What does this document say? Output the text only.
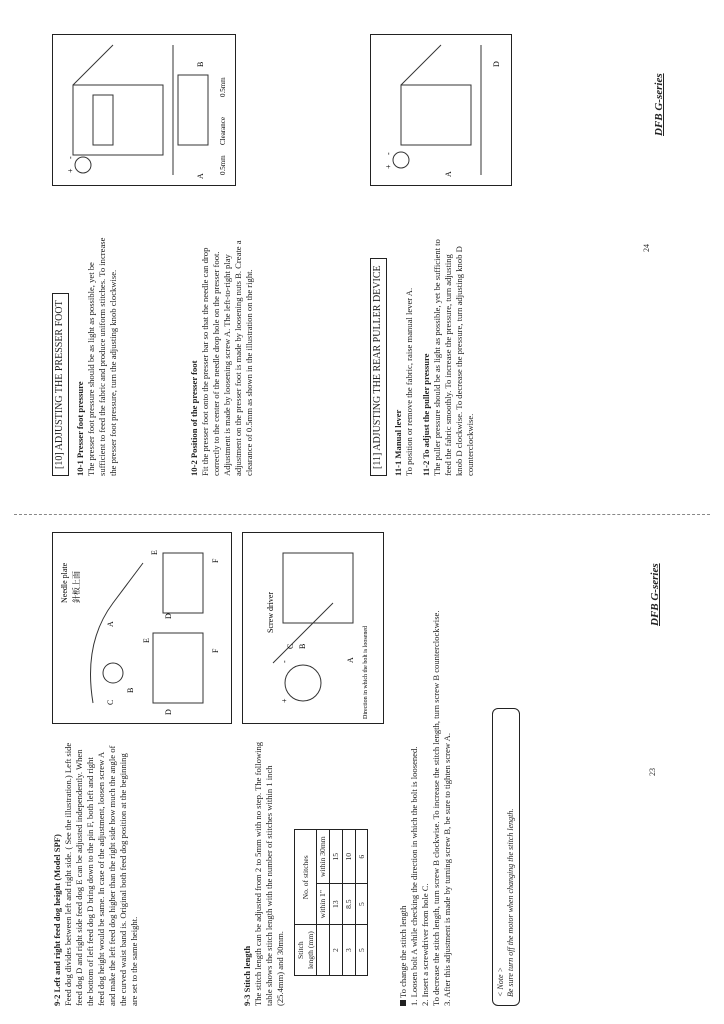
[10] ADJUSTING THE PRESSER FOOT 10-1 Presser foot pressure The presser foot pressure should be as light as possible, yet be sufficient to feed the fabric and produce uniform stitches. To increase the presser foot pressure, turn the adjusting knob clockwise.	10-2 Position of the presser foot Fit the presser foot onto the presser bar so that the needle can drop correctly to the center of the needle drop hole on the presser foot. Adjustment is made by loosening screw A. The left-to-right play adjustment on the presser foot is made by loosening nuts B. Create a clearance of 0.5mm as shown in the illustration on the right.

+
-
A
B
0.5mm
Clearance
0.5mm
[11] ADJUSTING THE REAR PULLER DEVICE 11-1 Manual lever To position or remove the fabric, raise manual lever A. 11-2 To adjust the puller pressure The puller pressure should be as light as possible, yet be sufficient to feed the fabric smoothly. To increase the pressure, turn adjusting knob D clockwise. To decrease the pressure, turn adjusting knob D counterclockwise.

+
-
A
D
24
DFB G-series

9-2 Left and right feed dog height (Model SPF) Feed dog divides between left and right side. ( See the illustration.) Left side feed dog D and right side feed dog E can be adjusted independently. When the bottom of left feed dog D bring down to the pin F, both left and right feed dog height would be same. In case of the adjustment, loosen screw A and make the left feed dog higher than the right side how much the angle of the curved waist band is. Original both feed dog position at the beginning are set to the same height.

Needle plate 針板上面
D
E
F
A
B
C
D
E
F

9-3 Stitch length The stitch length can be adjusted from 2 to 5mm with no step. The following table shows the stitch length with the number of stitches within 1 inch (25.4mm) and 30mm. Stitch
length (mm)	No. of stitches	
	within 1"	within 30mm
2	13	15
3	8.5	10
5	5	6
Screw driver
C B
A Direction in which the bolt is loosened
+
-

To change the stitch length 1. Loosen bolt A while checking the direction in which the bolt is loosened. 2. Insert a screwdriver from hole C. To decrease the stitch length, turn screw B clockwise. To increase the stitch length, turn screw B counterclockwise. 3. After this adjustment is made by turning screw B, be sure to tighten screw A.	< Note > Be sure turn off the motor when changing the stitch length.
23
DFB G-series
